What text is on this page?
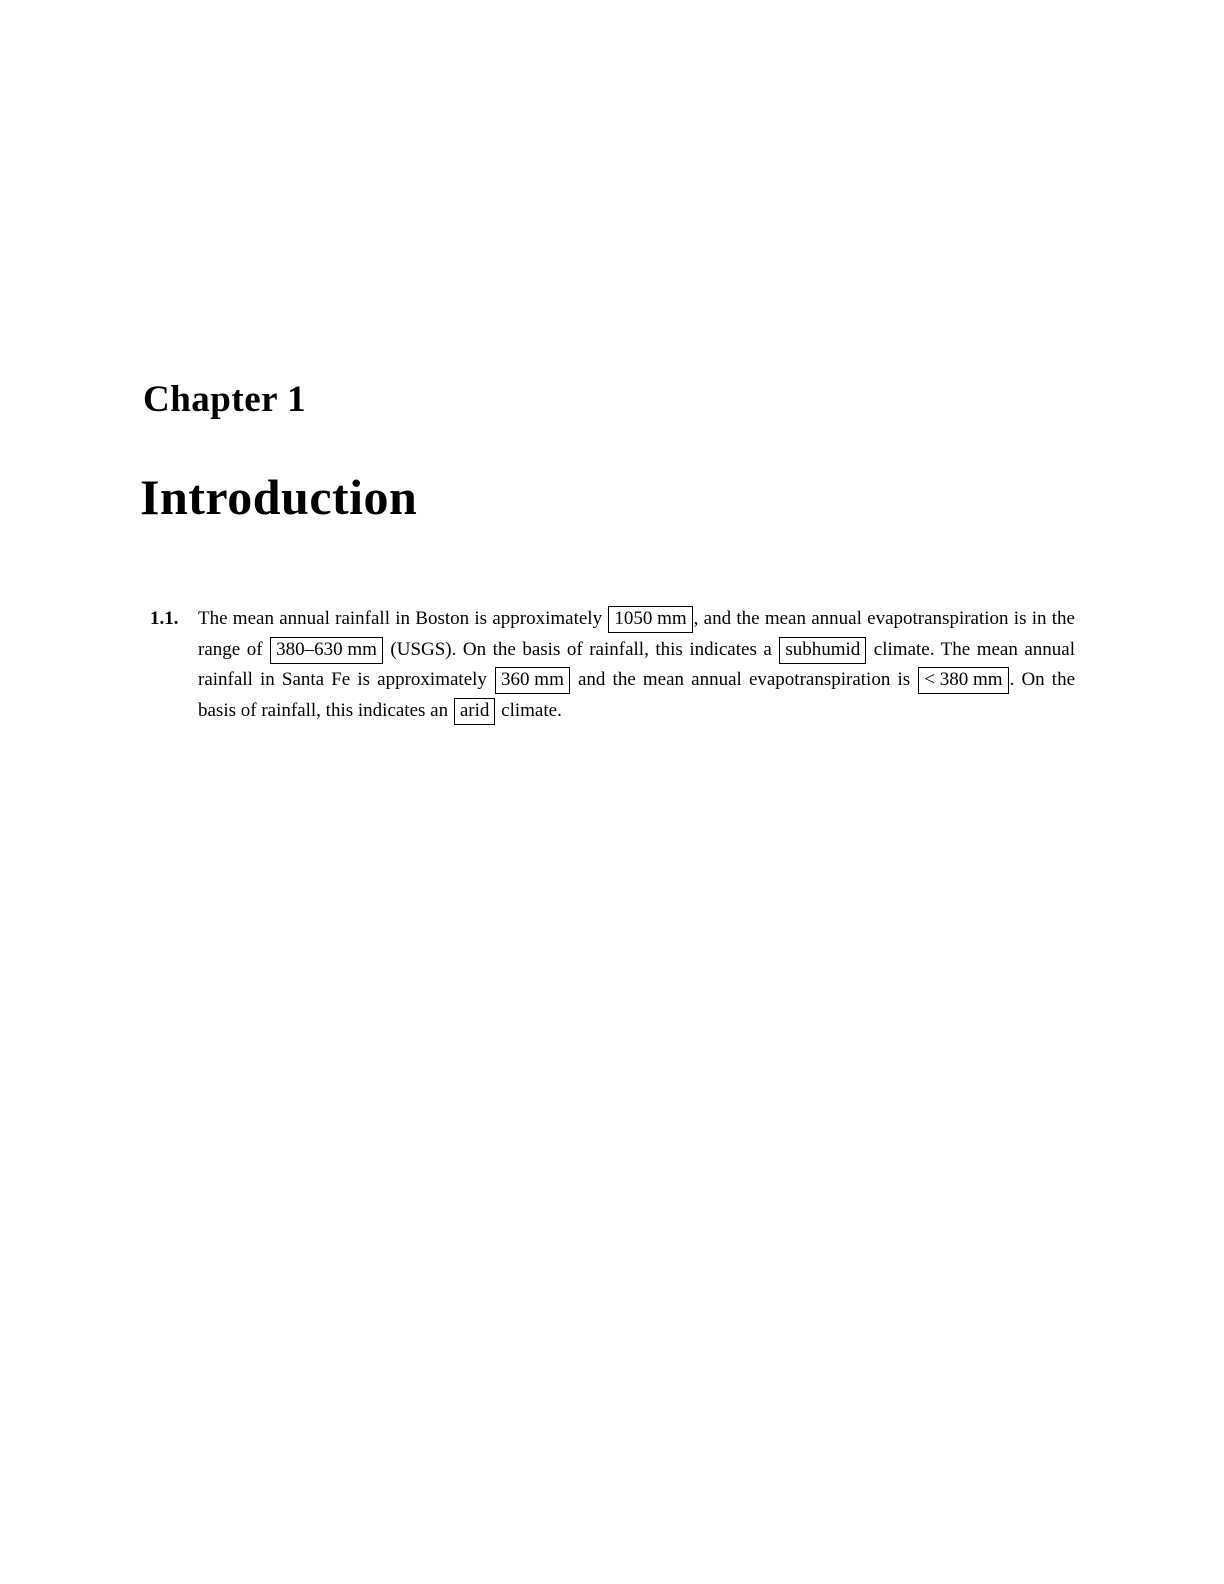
Chapter 1
Introduction
1.1.	The mean annual rainfall in Boston is approximately 1050 mm , and the mean annual evapotranspiration is in the range of 380–630 mm (USGS). On the basis of rainfall, this indicates a subhumid climate. The mean annual rainfall in Santa Fe is approximately 360 mm and the mean annual evapotranspiration is < 380 mm . On the basis of rainfall, this indicates an arid climate.
